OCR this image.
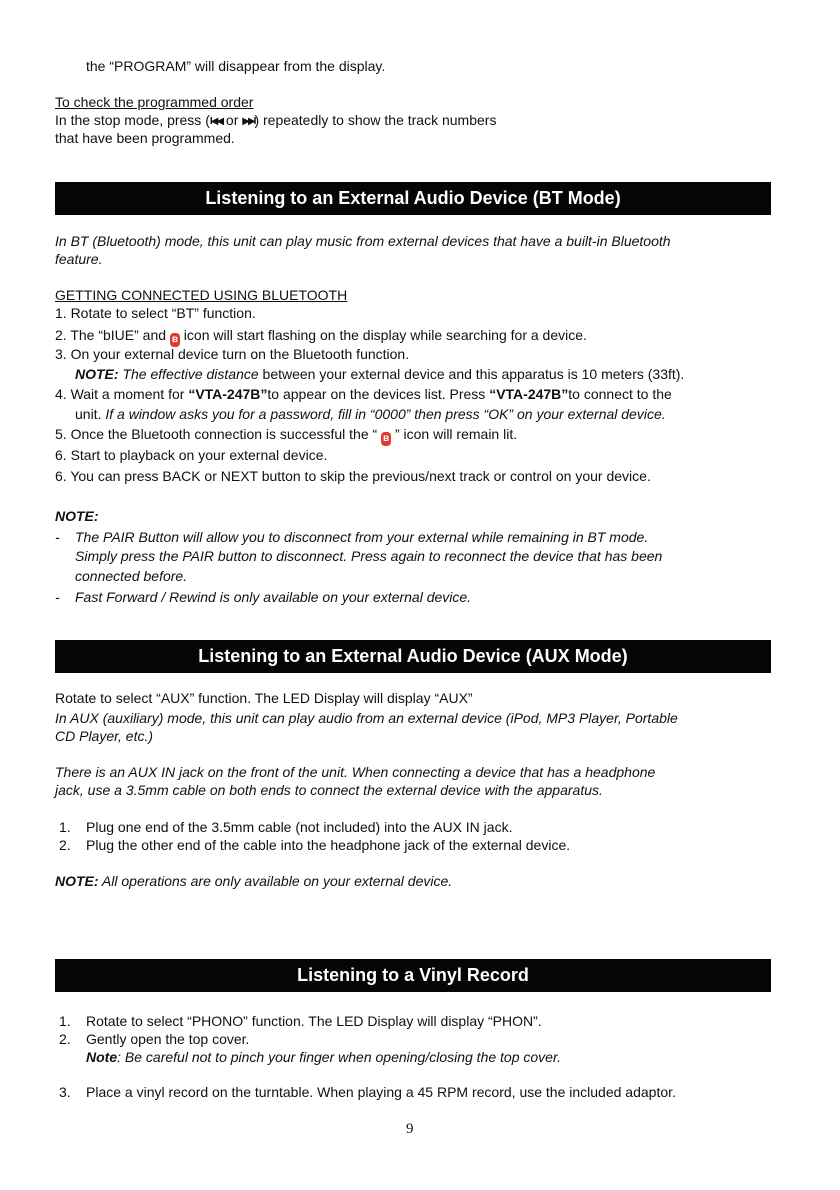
the “PROGRAM” will disappear from the display.
To check the programmed order
In the stop mode, press (I◀◀ or ▶▶I) repeatedly to show the track numbers
that have been programmed.
Listening to an External Audio Device (BT Mode)
In BT (Bluetooth) mode, this unit can play music from external devices that have a built-in Bluetooth
feature.
GETTING CONNECTED USING BLUETOOTH
1. Rotate to select “BT” function.
2. The “bIUE” and ʙ icon will start flashing on the display while searching for a device.
3. On your external device turn on the Bluetooth function.
NOTE: The effective distance between your external device and this apparatus is 10 meters (33ft).
4. Wait a moment for “VTA-247B”to appear on the devices list. Press “VTA-247B”to connect to the
unit. If a window asks you for a password, fill in “0000” then press “OK” on your external device.
5. Once the Bluetooth connection is successful the “ ʙ ” icon will remain lit.
6. Start to playback on your external device.
6. You can press BACK or NEXT button to skip the previous/next track or control on your device.
NOTE:
- The PAIR Button will allow you to disconnect from your external while remaining in BT mode.
Simply press the PAIR button to disconnect. Press again to reconnect the device that has been
connected before.
- Fast Forward / Rewind is only available on your external device.
Listening to an External Audio Device (AUX Mode)
Rotate to select “AUX” function. The LED Display will display “AUX”
In AUX (auxiliary) mode, this unit can play audio from an external device (iPod, MP3 Player, Portable
CD Player, etc.)
There is an AUX IN jack on the front of the unit. When connecting a device that has a headphone
jack, use a 3.5mm cable on both ends to connect the external device with the apparatus.
1. Plug one end of the 3.5mm cable (not included) into the AUX IN jack.
2. Plug the other end of the cable into the headphone jack of the external device.
NOTE: All operations are only available on your external device.
Listening to a Vinyl Record
1. Rotate to select “PHONO” function. The LED Display will display “PHON”.
2. Gently open the top cover.
Note: Be careful not to pinch your finger when opening/closing the top cover.
3. Place a vinyl record on the turntable. When playing a 45 RPM record, use the included adaptor.
9
